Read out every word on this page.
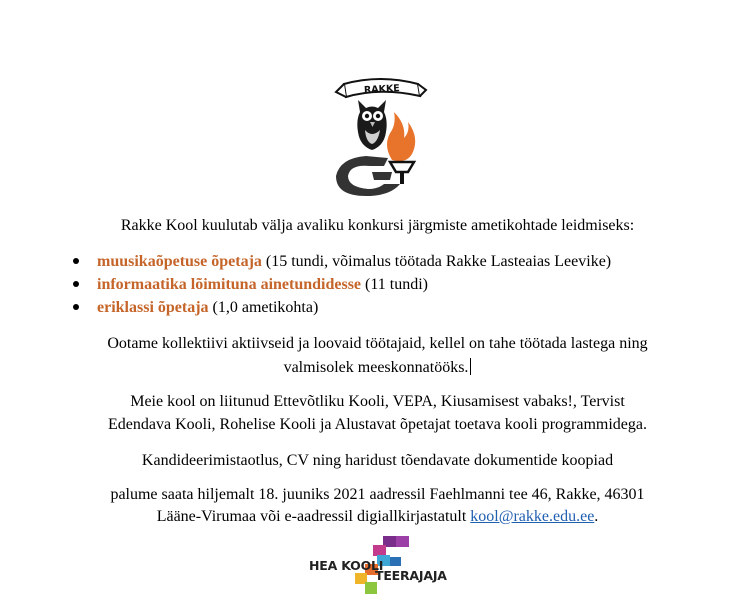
RAKKE
Rakke Kool kuulutab välja avaliku konkursi järgmiste ametikohtade leidmiseks:
muusikaõpetuse õpetaja (15 tundi, võimalus töötada Rakke Lasteaias Leevike)
informaatika lõimituna ainetundidesse (11 tundi)
eriklassi õpetaja (1,0 ametikohta)
Ootame kollektiivi aktiivseid ja loovaid töötajaid, kellel on tahe töötada lastega ning
valmisolek meeskonnatööks.
Meie kool on liitunud Ettevõtliku Kooli, VEPA, Kiusamisest vabaks!, Tervist
Edendava Kooli, Rohelise Kooli ja Alustavat õpetajat toetava kooli programmidega.
Kandideerimistaotlus, CV ning haridust tõendavate dokumentide koopiad
palume saata hiljemalt 18. juuniks 2021 aadressil Faehlmanni tee 46, Rakke, 46301
Lääne-Virumaa või e-aadressil digiallkirjastatult kool@rakke.edu.ee.
HEA KOOLI
TEERAJAJA
